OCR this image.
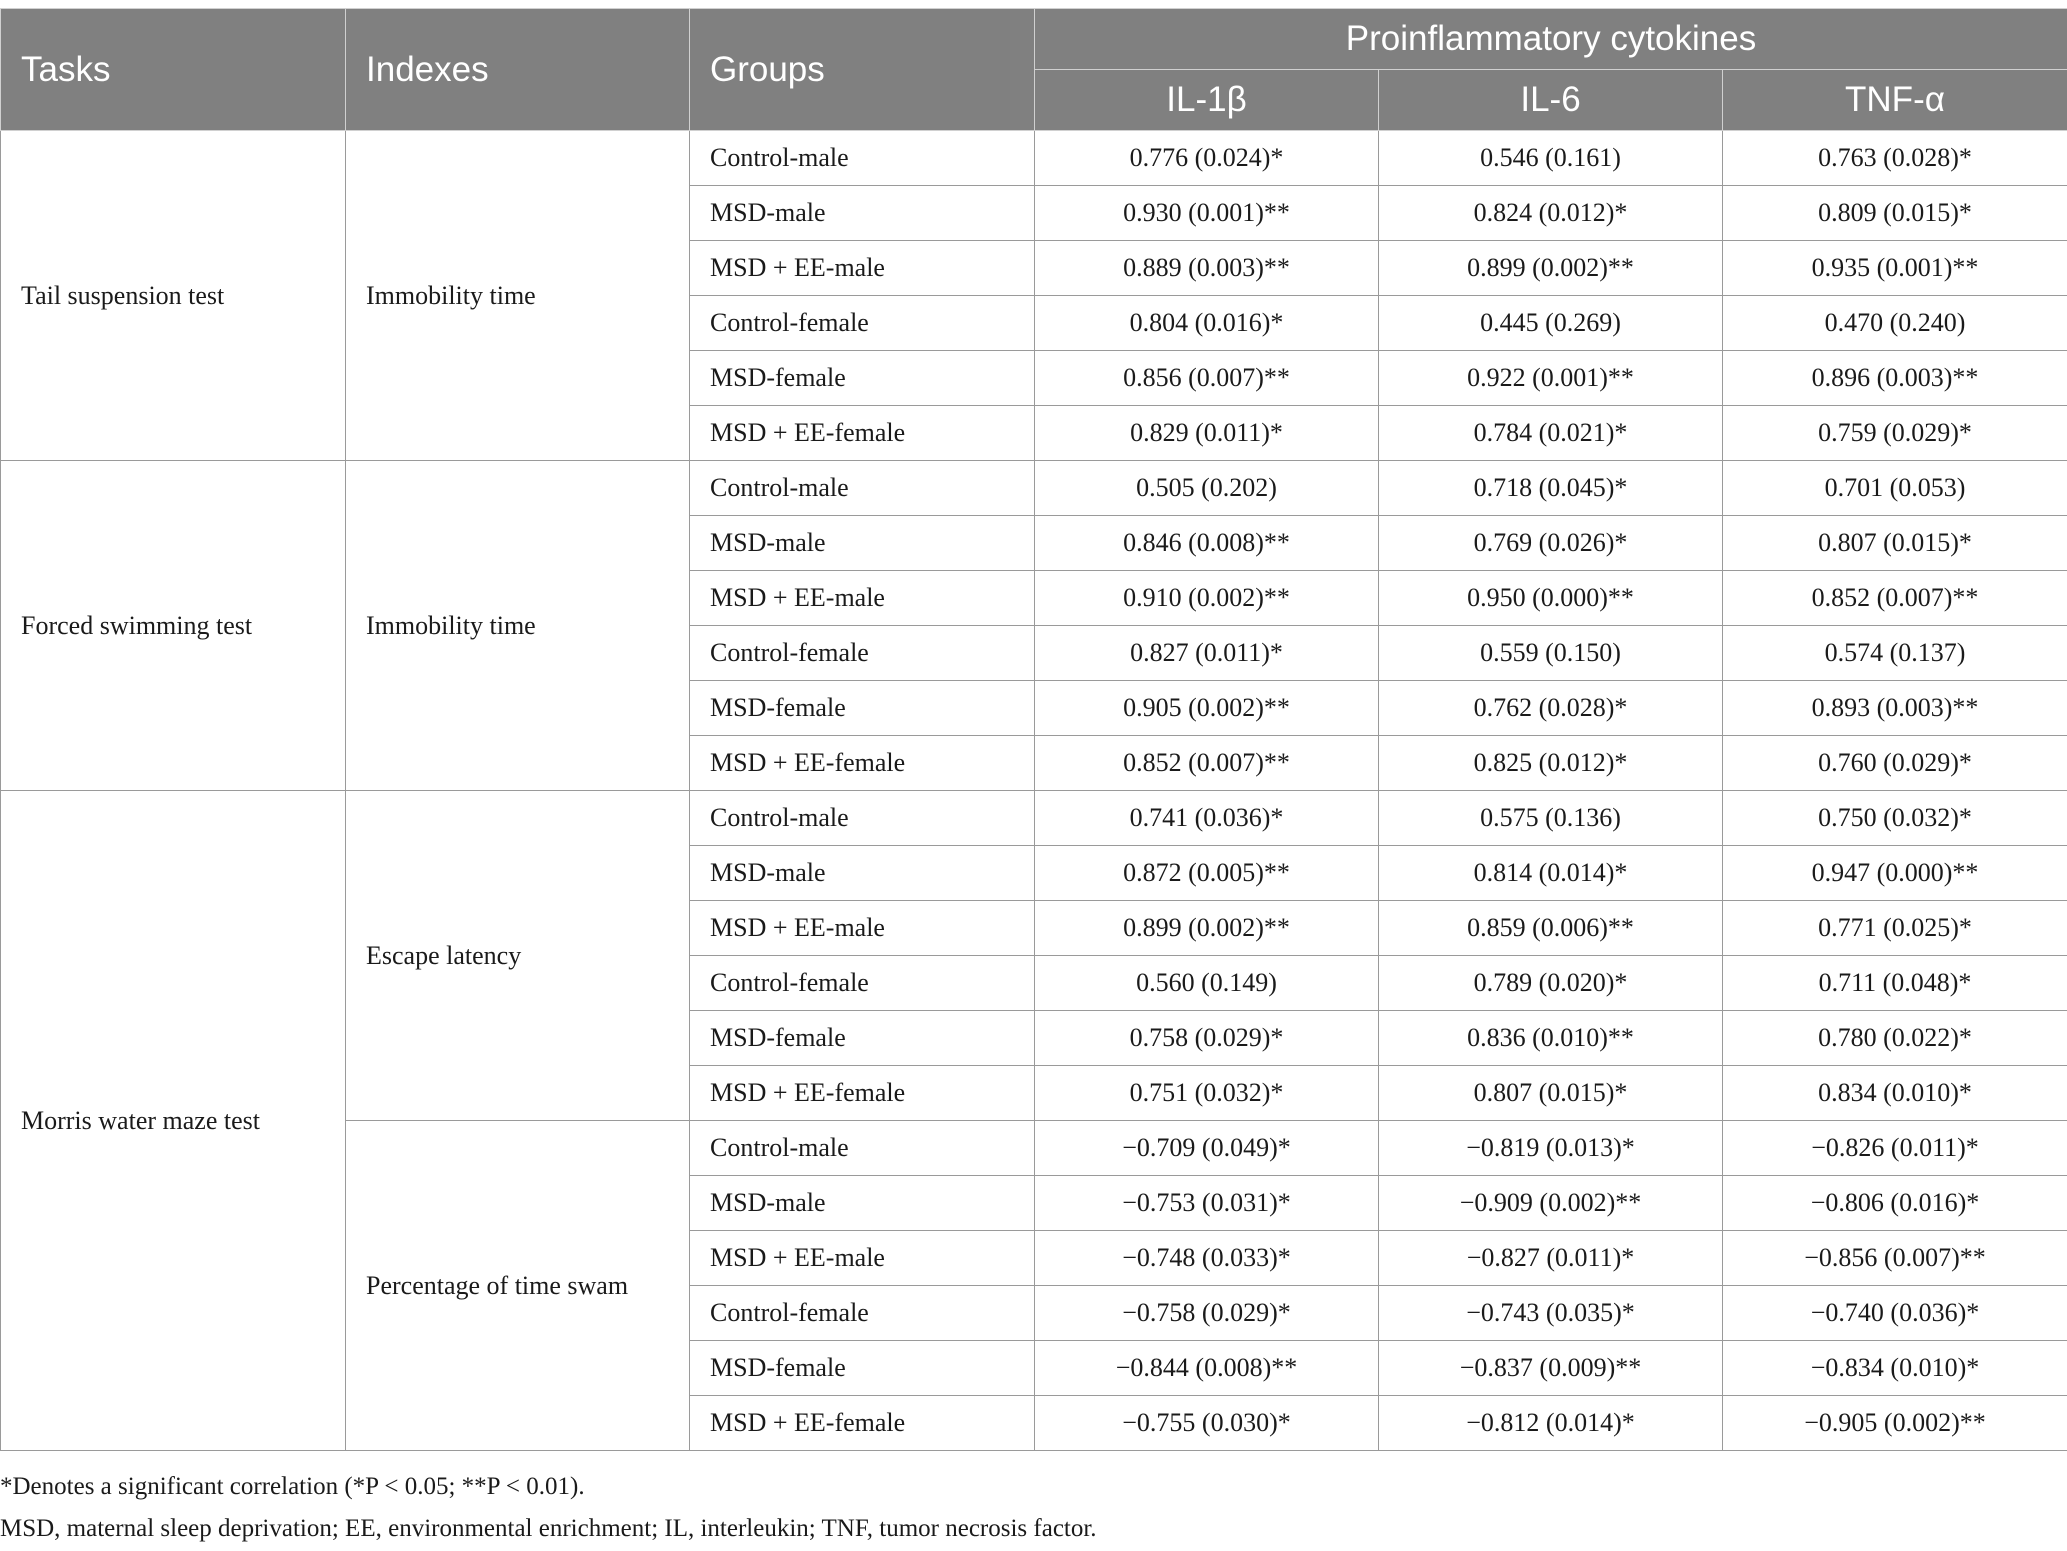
Tasks	Indexes	Groups	Proinflammatory cytokines		
			IL-1β	IL-6	TNF-α
Tail suspension test	Immobility time	Control-male	0.776 (0.024)*	0.546 (0.161)	0.763 (0.028)*
		MSD-male	0.930 (0.001)**	0.824 (0.012)*	0.809 (0.015)*
		MSD + EE-male	0.889 (0.003)**	0.899 (0.002)**	0.935 (0.001)**
		Control-female	0.804 (0.016)*	0.445 (0.269)	0.470 (0.240)
		MSD-female	0.856 (0.007)**	0.922 (0.001)**	0.896 (0.003)**
		MSD + EE-female	0.829 (0.011)*	0.784 (0.021)*	0.759 (0.029)*
Forced swimming test	Immobility time	Control-male	0.505 (0.202)	0.718 (0.045)*	0.701 (0.053)
		MSD-male	0.846 (0.008)**	0.769 (0.026)*	0.807 (0.015)*
		MSD + EE-male	0.910 (0.002)**	0.950 (0.000)**	0.852 (0.007)**
		Control-female	0.827 (0.011)*	0.559 (0.150)	0.574 (0.137)
		MSD-female	0.905 (0.002)**	0.762 (0.028)*	0.893 (0.003)**
		MSD + EE-female	0.852 (0.007)**	0.825 (0.012)*	0.760 (0.029)*
Morris water maze test	Escape latency	Control-male	0.741 (0.036)*	0.575 (0.136)	0.750 (0.032)*
		MSD-male	0.872 (0.005)**	0.814 (0.014)*	0.947 (0.000)**
		MSD + EE-male	0.899 (0.002)**	0.859 (0.006)**	0.771 (0.025)*
		Control-female	0.560 (0.149)	0.789 (0.020)*	0.711 (0.048)*
		MSD-female	0.758 (0.029)*	0.836 (0.010)**	0.780 (0.022)*
		MSD + EE-female	0.751 (0.032)*	0.807 (0.015)*	0.834 (0.010)*
	Percentage of time swam	Control-male	−0.709 (0.049)*	−0.819 (0.013)*	−0.826 (0.011)*
		MSD-male	−0.753 (0.031)*	−0.909 (0.002)**	−0.806 (0.016)*
		MSD + EE-male	−0.748 (0.033)*	−0.827 (0.011)*	−0.856 (0.007)**
		Control-female	−0.758 (0.029)*	−0.743 (0.035)*	−0.740 (0.036)*
		MSD-female	−0.844 (0.008)**	−0.837 (0.009)**	−0.834 (0.010)*
		MSD + EE-female	−0.755 (0.030)*	−0.812 (0.014)*	−0.905 (0.002)**

*Denotes a significant correlation (*P < 0.05; **P < 0.01).

MSD, maternal sleep deprivation; EE, environmental enrichment; IL, interleukin; TNF, tumor necrosis factor.
